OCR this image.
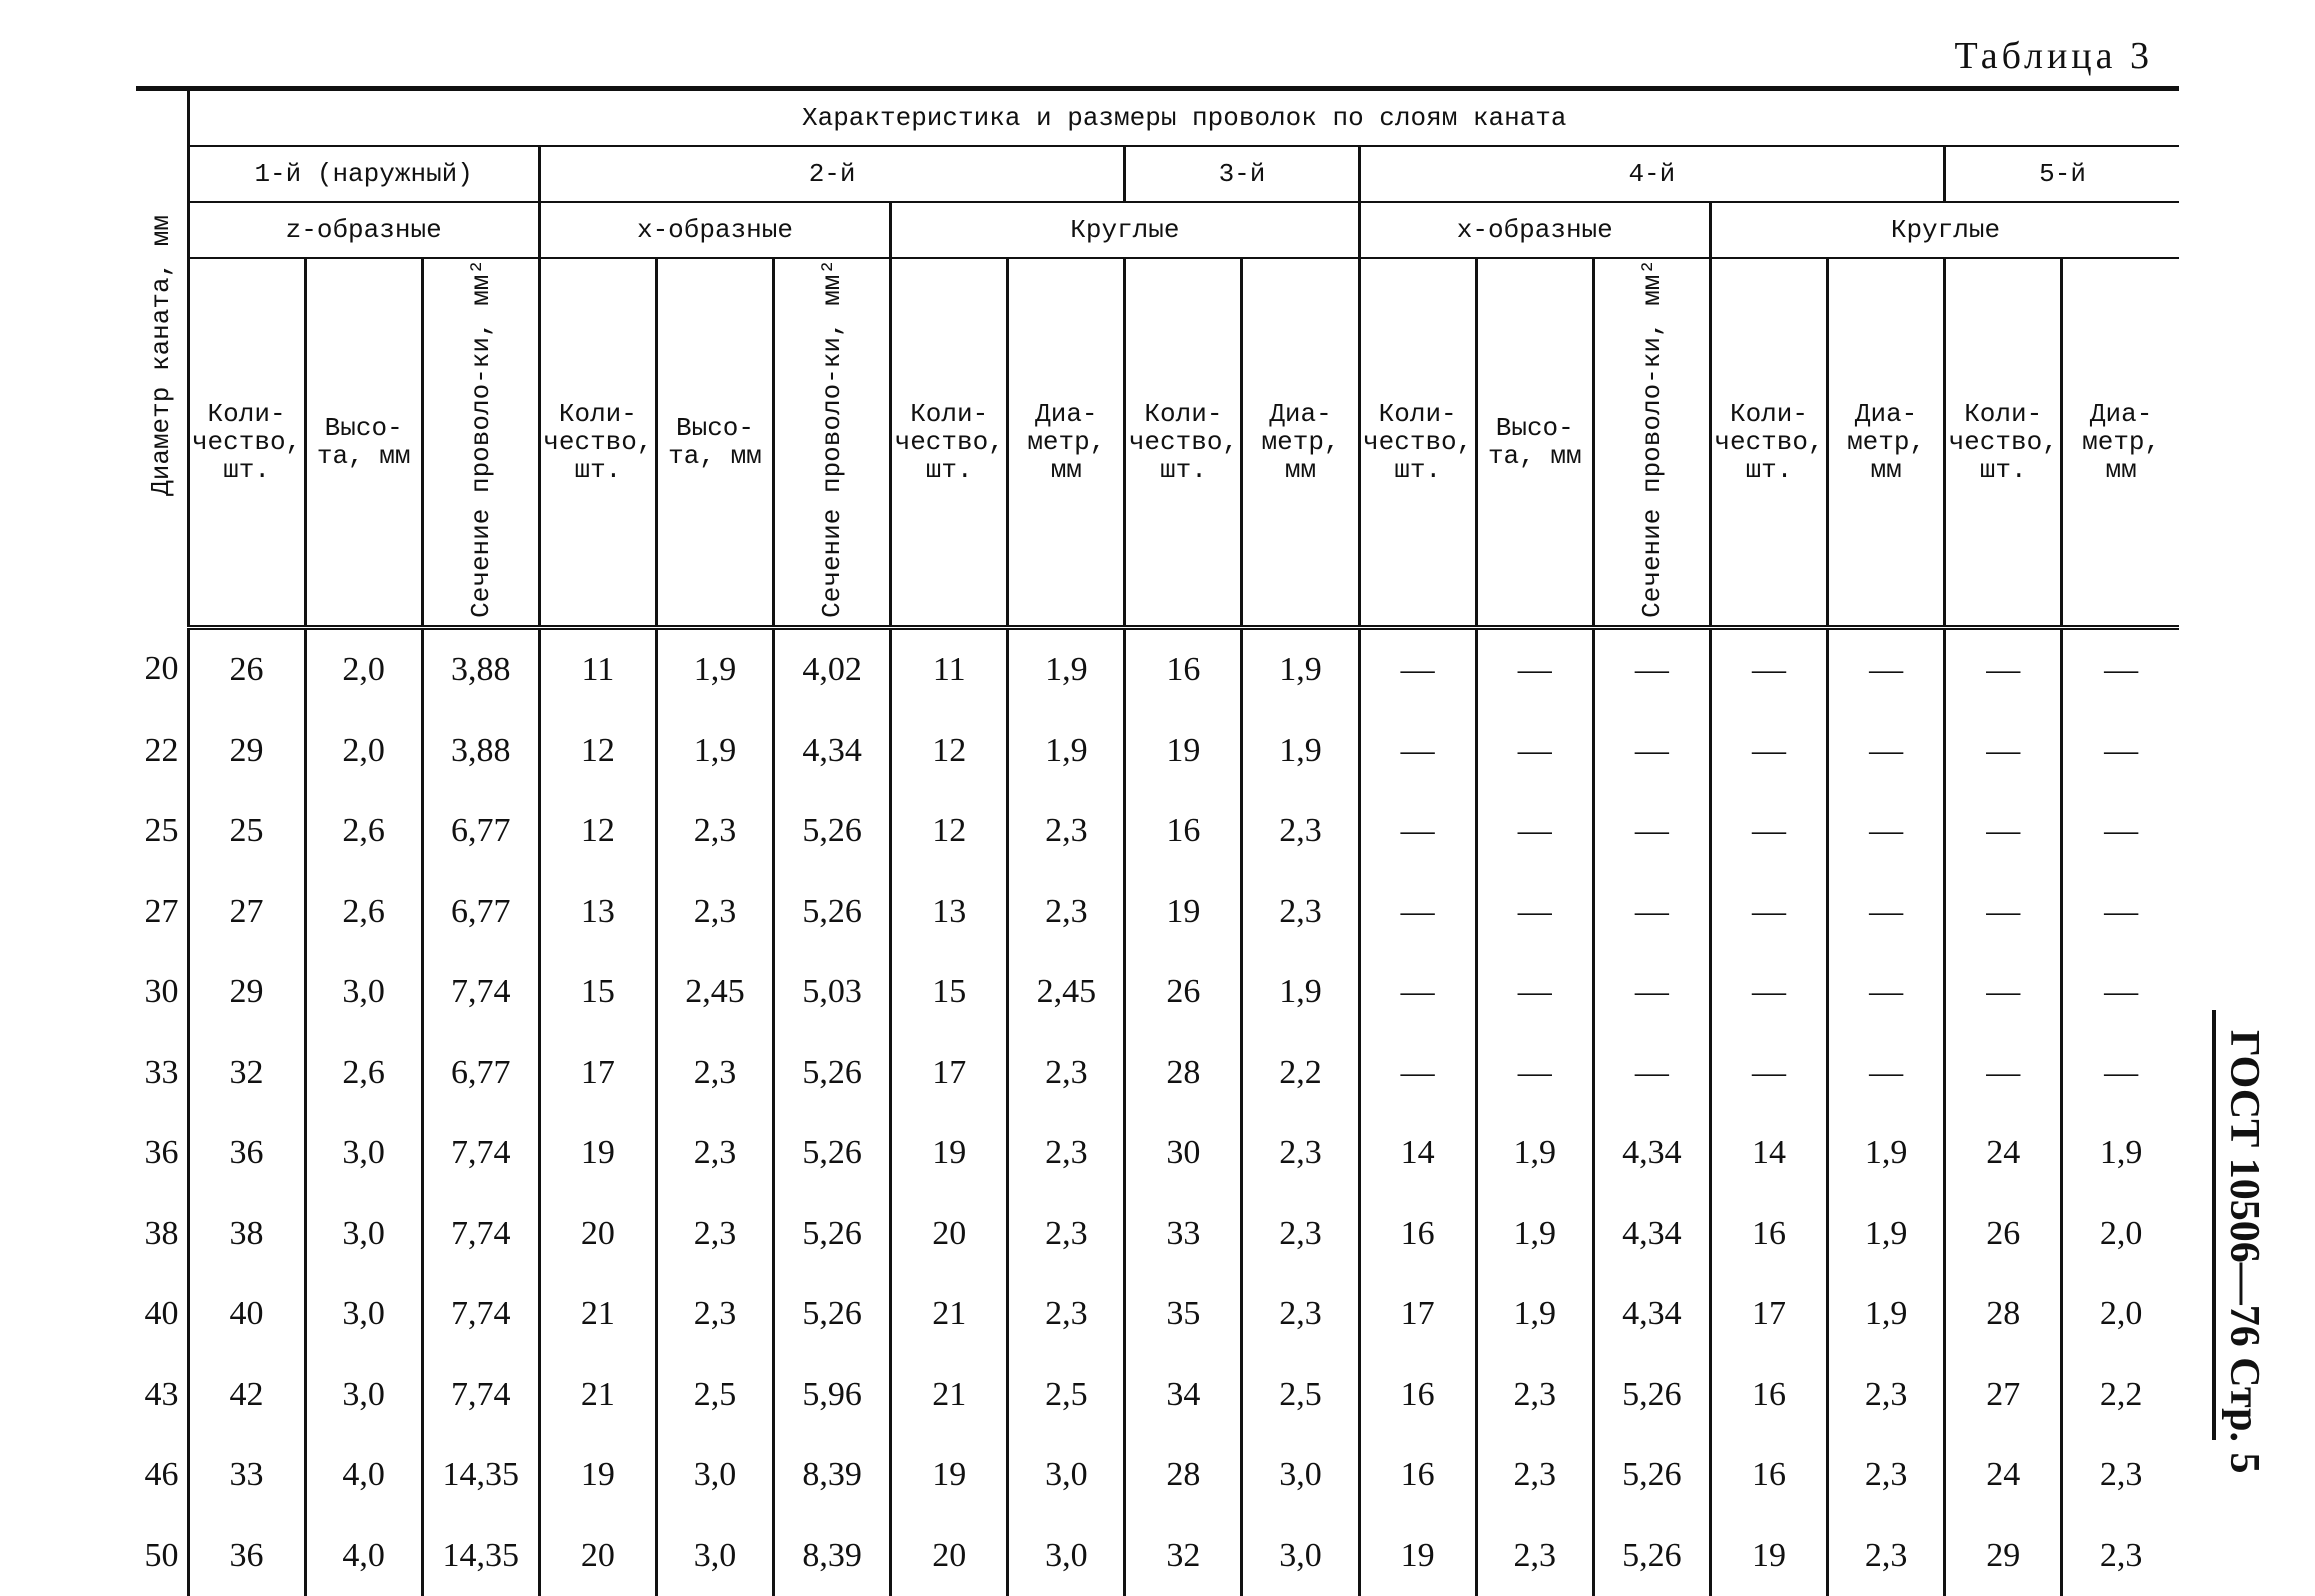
Таблица 3
Диаметр каната, мм	Характеристика и размеры проволок по слоям каната																
	1-й (наружный)			2-й					3-й		4-й					5-й	
	z-образные			х-образные			Круглые				х-образные			Круглые			
	Коли-чество, шт.	Высо-та, мм	Сечение проволо-ки, мм²	Коли-чество, шт.	Высо-та, мм	Сечение проволо-ки, мм²	Коли-чество, шт.	Диа-метр, мм	Коли-чество, шт.	Диа-метр, мм	Коли-чество, шт.	Высо-та, мм	Сечение проволо-ки, мм²	Коли-чество, шт.	Диа-метр, мм	Коли-чество, шт.	Диа-метр, мм
20	26	2,0	3,88	11	1,9	4,02	11	1,9	16	1,9	—	—	—	—	—	—	—
22	29	2,0	3,88	12	1,9	4,34	12	1,9	19	1,9	—	—	—	—	—	—	—
25	25	2,6	6,77	12	2,3	5,26	12	2,3	16	2,3	—	—	—	—	—	—	—
27	27	2,6	6,77	13	2,3	5,26	13	2,3	19	2,3	—	—	—	—	—	—	—
30	29	3,0	7,74	15	2,45	5,03	15	2,45	26	1,9	—	—	—	—	—	—	—
33	32	2,6	6,77	17	2,3	5,26	17	2,3	28	2,2	—	—	—	—	—	—	—
36	36	3,0	7,74	19	2,3	5,26	19	2,3	30	2,3	14	1,9	4,34	14	1,9	24	1,9
38	38	3,0	7,74	20	2,3	5,26	20	2,3	33	2,3	16	1,9	4,34	16	1,9	26	2,0
40	40	3,0	7,74	21	2,3	5,26	21	2,3	35	2,3	17	1,9	4,34	17	1,9	28	2,0
43	42	3,0	7,74	21	2,5	5,96	21	2,5	34	2,5	16	2,3	5,26	16	2,3	27	2,2
46	33	4,0	14,35	19	3,0	8,39	19	3,0	28	3,0	16	2,3	5,26	16	2,3	24	2,3
50	36	4,0	14,35	20	3,0	8,39	20	3,0	32	3,0	19	2,3	5,26	19	2,3	29	2,3
ГОСТ 10506—76 Стр. 5
